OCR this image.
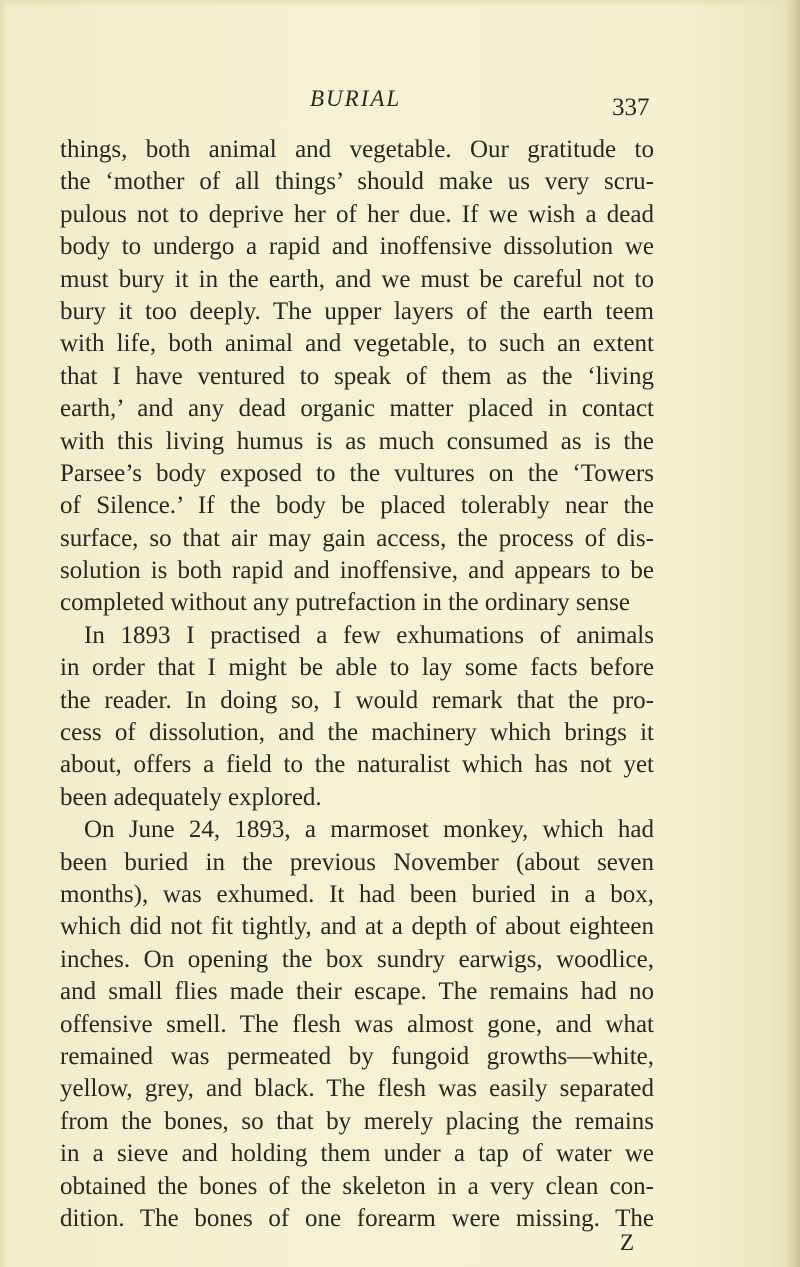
BURIAL	337
things, both animal and vegetable. Our gratitude to
the ‘mother of all things’ should make us very scru-
pulous not to deprive her of her due. If we wish a dead
body to undergo a rapid and inoffensive dissolution we
must bury it in the earth, and we must be careful not to
bury it too deeply. The upper layers of the earth teem
with life, both animal and vegetable, to such an extent
that I have ventured to speak of them as the ‘living
earth,’ and any dead organic matter placed in contact
with this living humus is as much consumed as is the
Parsee’s body exposed to the vultures on the ‘Towers
of Silence.’ If the body be placed tolerably near the
surface, so that air may gain access, the process of dis-
solution is both rapid and inoffensive, and appears to be
completed without any putrefaction in the ordinary sense
In 1893 I practised a few exhumations of animals
in order that I might be able to lay some facts before
the reader. In doing so, I would remark that the pro-
cess of dissolution, and the machinery which brings it
about, offers a field to the naturalist which has not yet
been adequately explored.
On June 24, 1893, a marmoset monkey, which had
been buried in the previous November (about seven
months), was exhumed. It had been buried in a box,
which did not fit tightly, and at a depth of about eighteen
inches. On opening the box sundry earwigs, woodlice,
and small flies made their escape. The remains had no
offensive smell. The flesh was almost gone, and what
remained was permeated by fungoid growths—white,
yellow, grey, and black. The flesh was easily separated
from the bones, so that by merely placing the remains
in a sieve and holding them under a tap of water we
obtained the bones of the skeleton in a very clean con-
dition. The bones of one forearm were missing. The
Z
